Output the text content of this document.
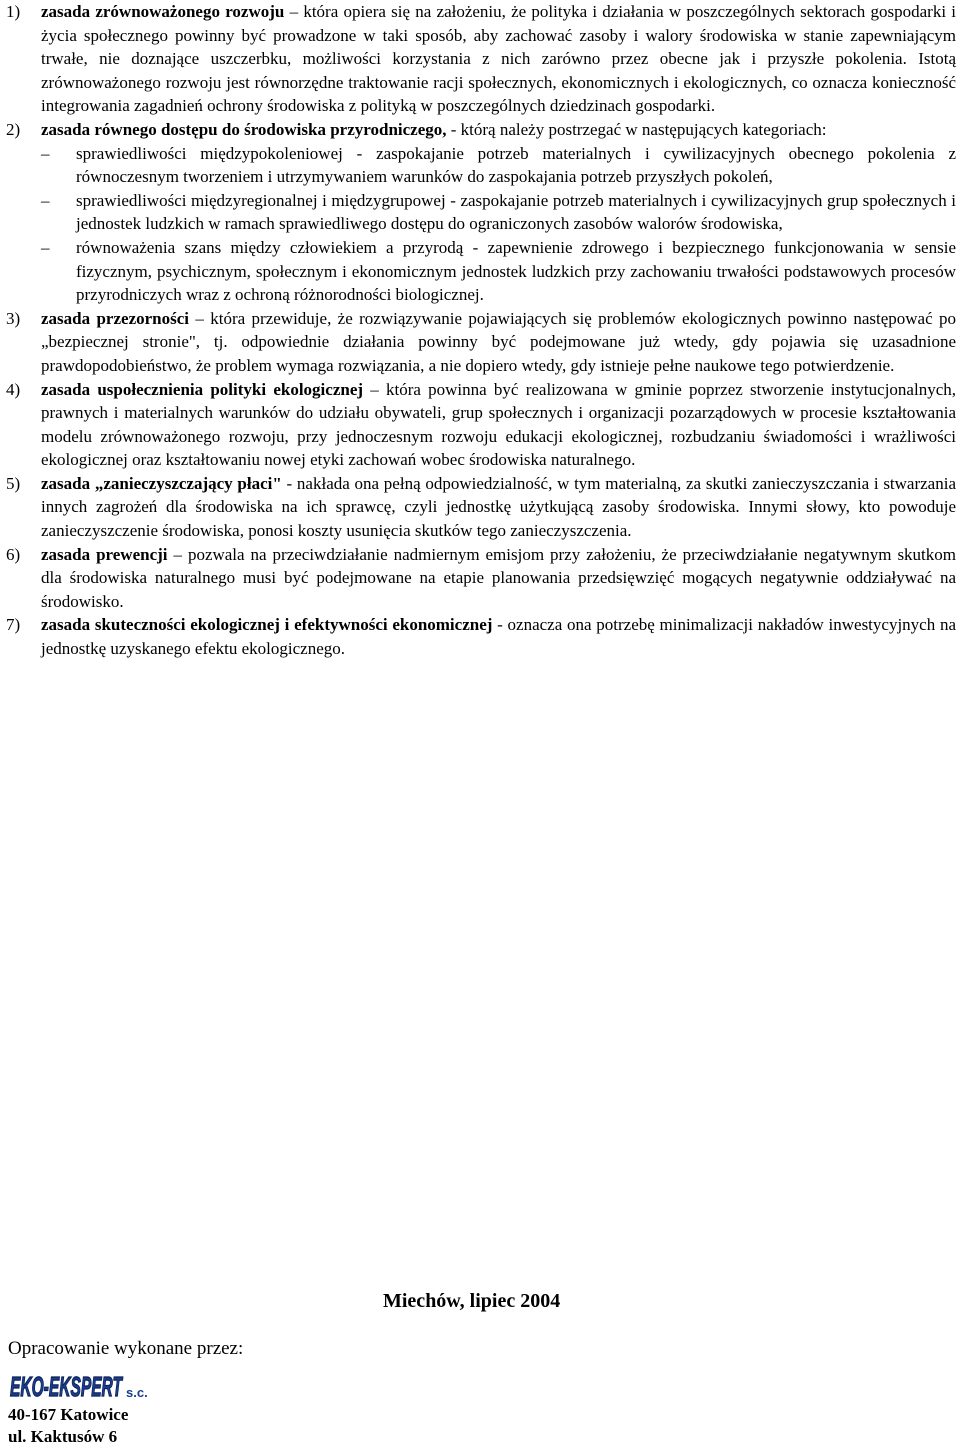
1) zasada zrównoważonego rozwoju – która opiera się na założeniu, że polityka i działania w poszczególnych sektorach gospodarki i życia społecznego powinny być prowadzone w taki sposób, aby zachować zasoby i walory środowiska w stanie zapewniającym trwałe, nie doznające uszczerbku, możliwości korzystania z nich zarówno przez obecne jak i przyszłe pokolenia. Istotą zrównoważonego rozwoju jest równorzędne traktowanie racji społecznych, ekonomicznych i ekologicznych, co oznacza konieczność integrowania zagadnień ochrony środowiska z polityką w poszczególnych dziedzinach gospodarki.
2) zasada równego dostępu do środowiska przyrodniczego, - którą należy postrzegać w następujących kategoriach:
– sprawiedliwości międzypokoleniowej - zaspokajanie potrzeb materialnych i cywilizacyjnych obecnego pokolenia z równoczesnym tworzeniem i utrzymywaniem warunków do zaspokajania potrzeb przyszłych pokoleń,
– sprawiedliwości międzyregionalnej i międzygrupowej - zaspokajanie potrzeb materialnych i cywilizacyjnych grup społecznych i jednostek ludzkich w ramach sprawiedliwego dostępu do ograniczonych zasobów walorów środowiska,
– równoważenia szans między człowiekiem a przyrodą - zapewnienie zdrowego i bezpiecznego funkcjonowania w sensie fizycznym, psychicznym, społecznym i ekonomicznym jednostek ludzkich przy zachowaniu trwałości podstawowych procesów przyrodniczych wraz z ochroną różnorodności biologicznej.
3) zasada przezorności – która przewiduje, że rozwiązywanie pojawiających się problemów ekologicznych powinno następować po „bezpiecznej stronie", tj. odpowiednie działania powinny być podejmowane już wtedy, gdy pojawia się uzasadnione prawdopodobieństwo, że problem wymaga rozwiązania, a nie dopiero wtedy, gdy istnieje pełne naukowe tego potwierdzenie.
4) zasada uspołecznienia polityki ekologicznej – która powinna być realizowana w gminie poprzez stworzenie instytucjonalnych, prawnych i materialnych warunków do udziału obywateli, grup społecznych i organizacji pozarządowych w procesie kształtowania modelu zrównoważonego rozwoju, przy jednoczesnym rozwoju edukacji ekologicznej, rozbudzaniu świadomości i wrażliwości ekologicznej oraz kształtowaniu nowej etyki zachowań wobec środowiska naturalnego.
5) zasada „zanieczyszczający płaci" - nakłada ona pełną odpowiedzialność, w tym materialną, za skutki zanieczyszczania i stwarzania innych zagrożeń dla środowiska na ich sprawcę, czyli jednostkę użytkującą zasoby środowiska. Innymi słowy, kto powoduje zanieczyszczenie środowiska, ponosi koszty usunięcia skutków tego zanieczyszczenia.
6) zasada prewencji – pozwala na przeciwdziałanie nadmiernym emisjom przy założeniu, że przeciwdziałanie negatywnym skutkom dla środowiska naturalnego musi być podejmowane na etapie planowania przedsięwzięć mogących negatywnie oddziaływać na środowisko.
7) zasada skuteczności ekologicznej i efektywności ekonomicznej - oznacza ona potrzebę minimalizacji nakładów inwestycyjnych na jednostkę uzyskanego efektu ekologicznego.
Miechów, lipiec 2004
Opracowanie wykonane przez:
EKO-EKSPERT s.c.
40-167 Katowice
ul. Kaktusów 6
